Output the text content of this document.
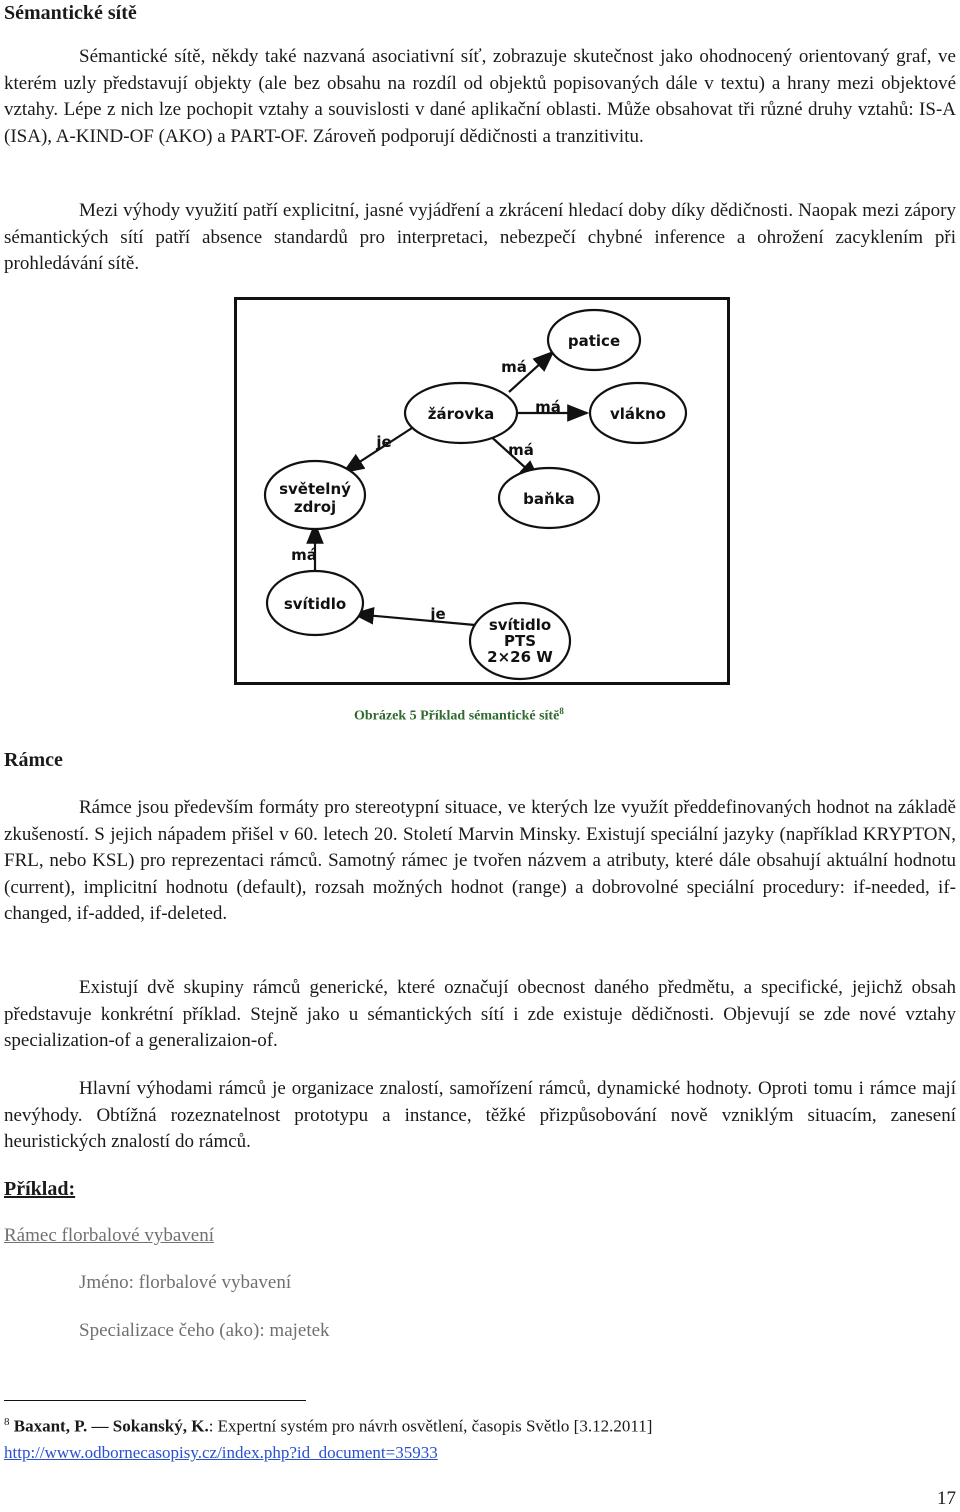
Sémantické sítě

Sémantické sítě, někdy také nazvaná asociativní síť, zobrazuje skutečnost jako ohodnocený orientovaný graf, ve kterém uzly představují objekty (ale bez obsahu na rozdíl od objektů popisovaných dále v textu) a hrany mezi objektové vztahy. Lépe z nich lze pochopit vztahy a souvislosti v dané aplikační oblasti. Může obsahovat tři různé druhy vztahů: IS-A (ISA), A-KIND-OF (AKO) a PART-OF. Zároveň podporují dědičnosti a tranzitivitu.

Mezi výhody využití patří explicitní, jasné vyjádření a zkrácení hledací doby díky dědičnosti. Naopak mezi zápory sémantických sítí patří absence standardů pro interpretaci, nebezpečí chybné inference a ohrožení zacyklením při prohledávání sítě.

patice
žárovka	vlákno
světelný
zdroj	baňka
svítidlo
svítidlo
PTS
2×26 W
má
má
má
je
má
je
Obrázek 5 Příklad sémantické sítě$^8$
Rámce

Rámce jsou především formáty pro stereotypní situace, ve kterých lze využít předdefinovaných hodnot na základě zkušeností. S jejich nápadem přišel v 60. letech 20. Století Marvin Minsky. Existují speciální jazyky (například KRYPTON, FRL, nebo KSL) pro reprezentaci rámců. Samotný rámec je tvořen názvem a atributy, které dále obsahují aktuální hodnotu (current), implicitní hodnotu (default), rozsah možných hodnot (range) a dobrovolné speciální procedury: if-needed, if-changed, if-added, if-deleted.

Existují dvě skupiny rámců generické, které označují obecnost daného předmětu, a specifické, jejichž obsah představuje konkrétní příklad. Stejně jako u sémantických sítí i zde existuje dědičnosti. Objevují se zde nové vztahy specialization-of a generalizaion-of.

Hlavní výhodami rámců je organizace znalostí, samořízení rámců, dynamické hodnoty. Oproti tomu i rámce mají nevýhody. Obtížná rozeznatelnost prototypu a instance, těžké přizpůsobování nově vzniklým situacím, zanesení heuristických znalostí do rámců.

Příklad:
Rámec florbalové vybavení
Jméno: florbalové vybavení
Specializace čeho (ako): majetek
$^8$ Baxant, P. — Sokanský, K.: Expertní systém pro návrh osvětlení, časopis Světlo [3.12.2011]
http://www.odbornecasopisy.cz/index.php?id_document=35933
17
